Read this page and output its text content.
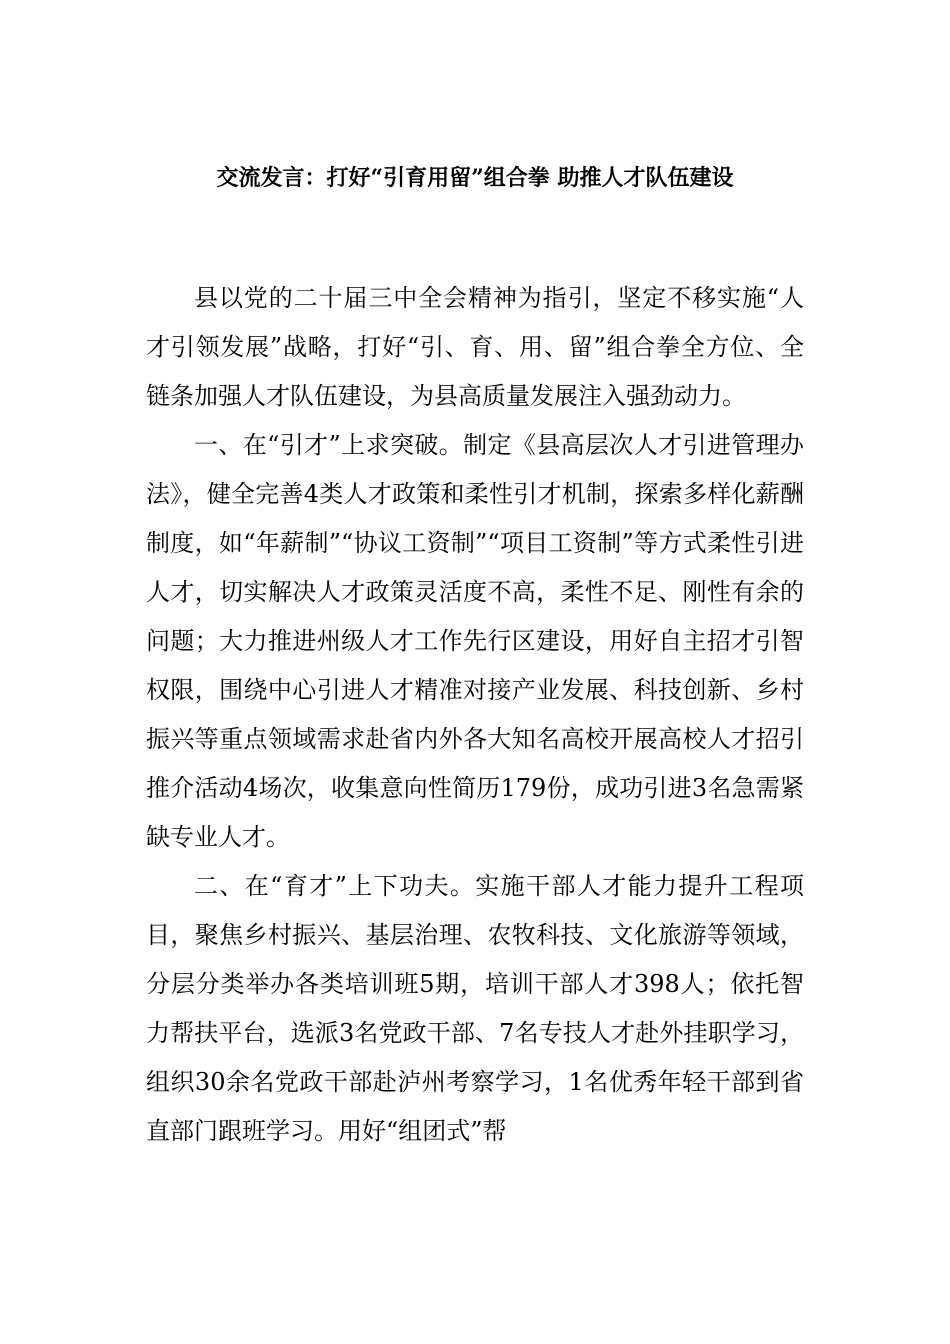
交流发言：打好“引育用留”组合拳 助推人才队伍建设

县以党的二十届三中全会精神为指引，坚定不移实施“人才引领发展”战略，打好“引、育、用、留”组合拳全方位、全链条加强人才队伍建设，为县高质量发展注入强劲动力。

一、在“引才”上求突破。制定《县高层次人才引进管理办法》，健全完善4类人才政策和柔性引才机制，探索多样化薪酬制度，如“年薪制”“协议工资制”“项目工资制”等方式柔性引进人才，切实解决人才政策灵活度不高，柔性不足、刚性有余的问题；大力推进州级人才工作先行区建设，用好自主招才引智权限，围绕中心引进人才精准对接产业发展、科技创新、乡村振兴等重点领域需求赴省内外各大知名高校开展高校人才招引推介活动4场次，收集意向性简历179份，成功引进3名急需紧缺专业人才。

二、在“育才”上下功夫。实施干部人才能力提升工程项目，聚焦乡村振兴、基层治理、农牧科技、文化旅游等领域，分层分类举办各类培训班5期，培训干部人才398人；依托智力帮扶平台，选派3名党政干部、7名专技人才赴外挂职学习，组织30余名党政干部赴泸州考察学习，1名优秀年轻干部到省直部门跟班学习。用好“组团式”帮
